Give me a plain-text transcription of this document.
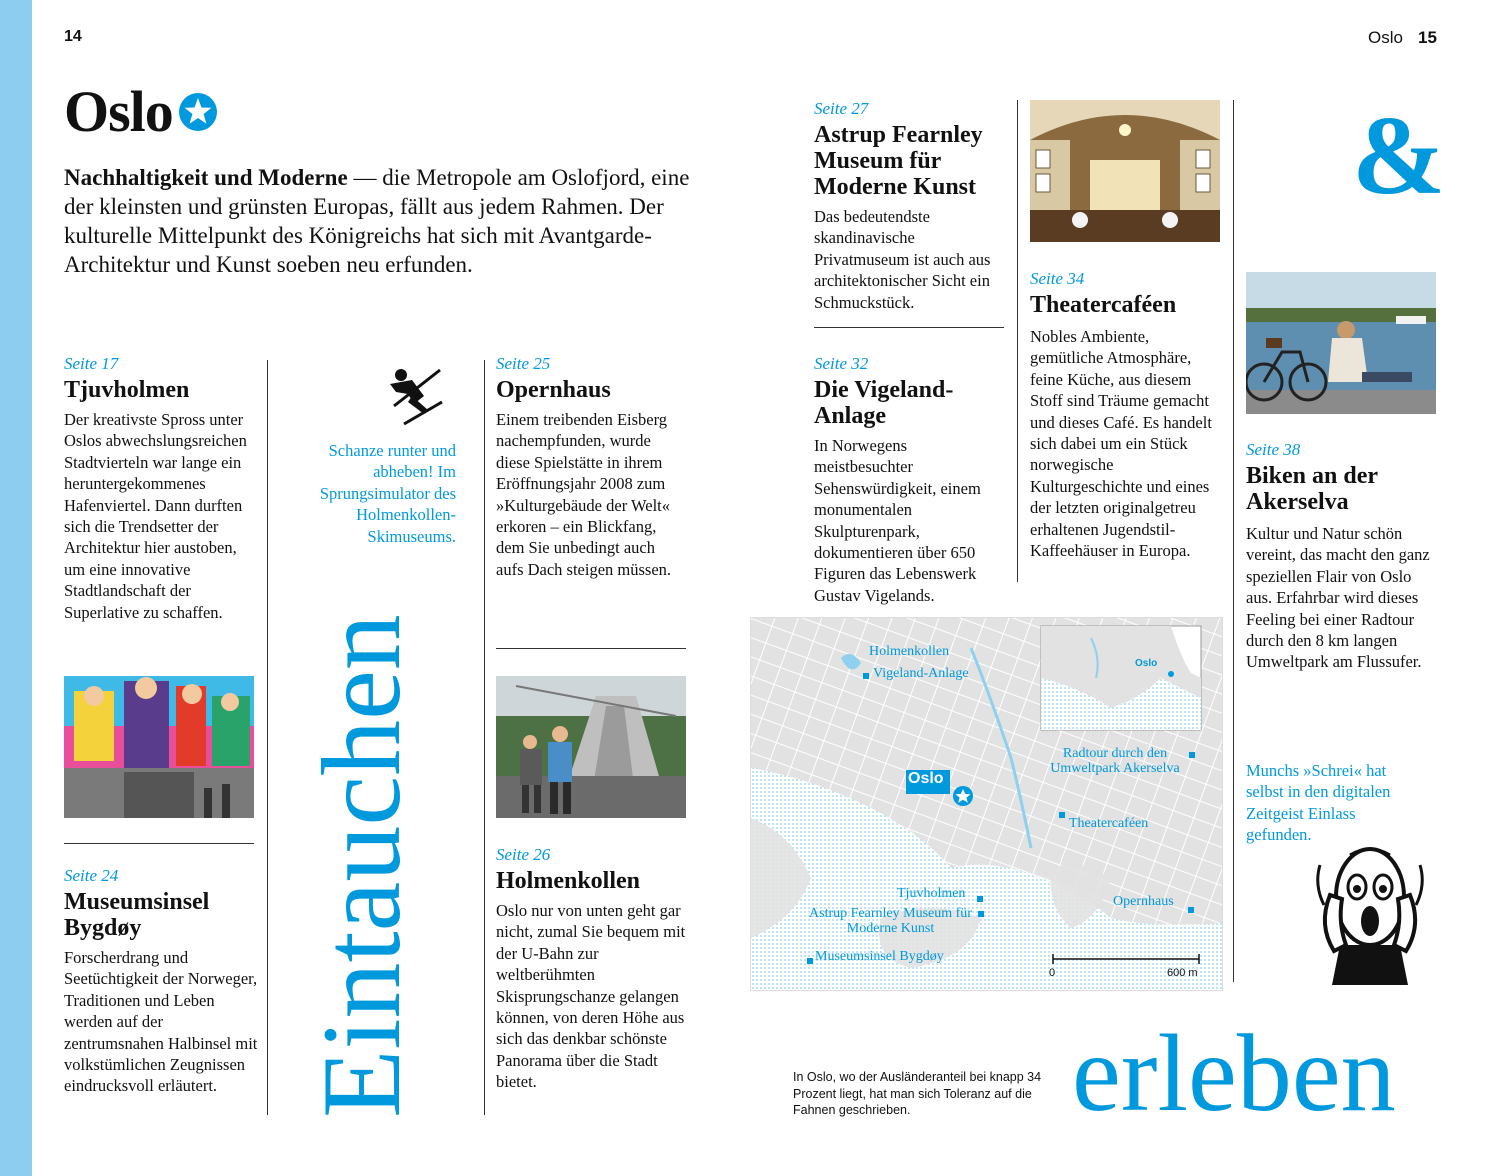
14	Oslo 15
Oslo
Nachhaltigkeit und Moderne — die Metropole am Oslofjord, eine der kleinsten und grünsten Europas, fällt aus jedem Rahmen. Der kulturelle Mittelpunkt des Königreichs hat sich mit Avantgarde-Architektur und Kunst soeben neu erfunden.
Seite 17
Tjuvholmen
Der kreativste Spross unter Oslos abwechslungsreichen Stadtvierteln war lange ein heruntergekommenes Hafenviertel. Dann durften sich die Trendsetter der Architektur hier austoben, um eine innovative Stadtlandschaft der Superlative zu schaffen.
Seite 24
Museumsinsel Bygdøy
Forscherdrang und Seetüchtigkeit der Norweger, Traditionen und Leben werden auf der zentrumsnahen Halbinsel mit volkstümlichen Zeugnissen eindrucksvoll erläutert.
Schanze runter und abheben! Im Sprungsimulator des Holmenkollen-Skimuseums.
Eintauchen
Seite 25
Opernhaus
Einem treibenden Eisberg nachempfunden, wurde diese Spielstätte in ihrem Eröffnungsjahr 2008 zum »Kulturgebäude der Welt« erkoren – ein Blickfang, dem Sie unbedingt auch aufs Dach steigen müssen.
Seite 26
Holmenkollen
Oslo nur von unten geht gar nicht, zumal Sie bequem mit der U-Bahn zur weltberühmten Skisprungschanze gelangen können, von deren Höhe aus sich das denkbar schönste Panorama über die Stadt bietet.
Seite 27
Astrup Fearnley Museum für Moderne Kunst
Das bedeutendste skandinavische Privatmuseum ist auch aus architektonischer Sicht ein Schmuckstück.
Seite 32
Die Vigeland-Anlage
In Norwegens meistbesuchter Sehenswürdigkeit, einem monumentalen Skulpturenpark, dokumentieren über 650 Figuren das Lebenswerk Gustav Vigelands.
Seite 34
Theatercaféen
Nobles Ambiente, gemütliche Atmosphäre, feine Küche, aus diesem Stoff sind Träume gemacht und dieses Café. Es handelt sich dabei um ein Stück norwegische Kulturgeschichte und eines der letzten originalgetreu erhaltenen Jugendstil-Kaffeehäuser in Europa.
&
Seite 38
Biken an der Akerselva
Kultur und Natur schön vereint, das macht den ganz speziellen Flair von Oslo aus. Erfahrbar wird dieses Feeling bei einer Radtour durch den 8 km langen Umweltpark am Flussufer.
Munchs »Schrei« hat selbst in den digitalen Zeitgeist Einlass gefunden.
Oslo
Oslo
Holmenkollen
Vigeland-Anlage
Radtour durch den Umweltpark Akerselva
Theatercaféen
Tjuvholmen
Astrup Fearnley Museum für Moderne Kunst
Opernhaus
Museumsinsel Bygdøy
0	600 m
In Oslo, wo der Ausländeranteil bei knapp 34 Prozent liegt, hat man sich Toleranz auf die Fahnen geschrieben.	erleben
